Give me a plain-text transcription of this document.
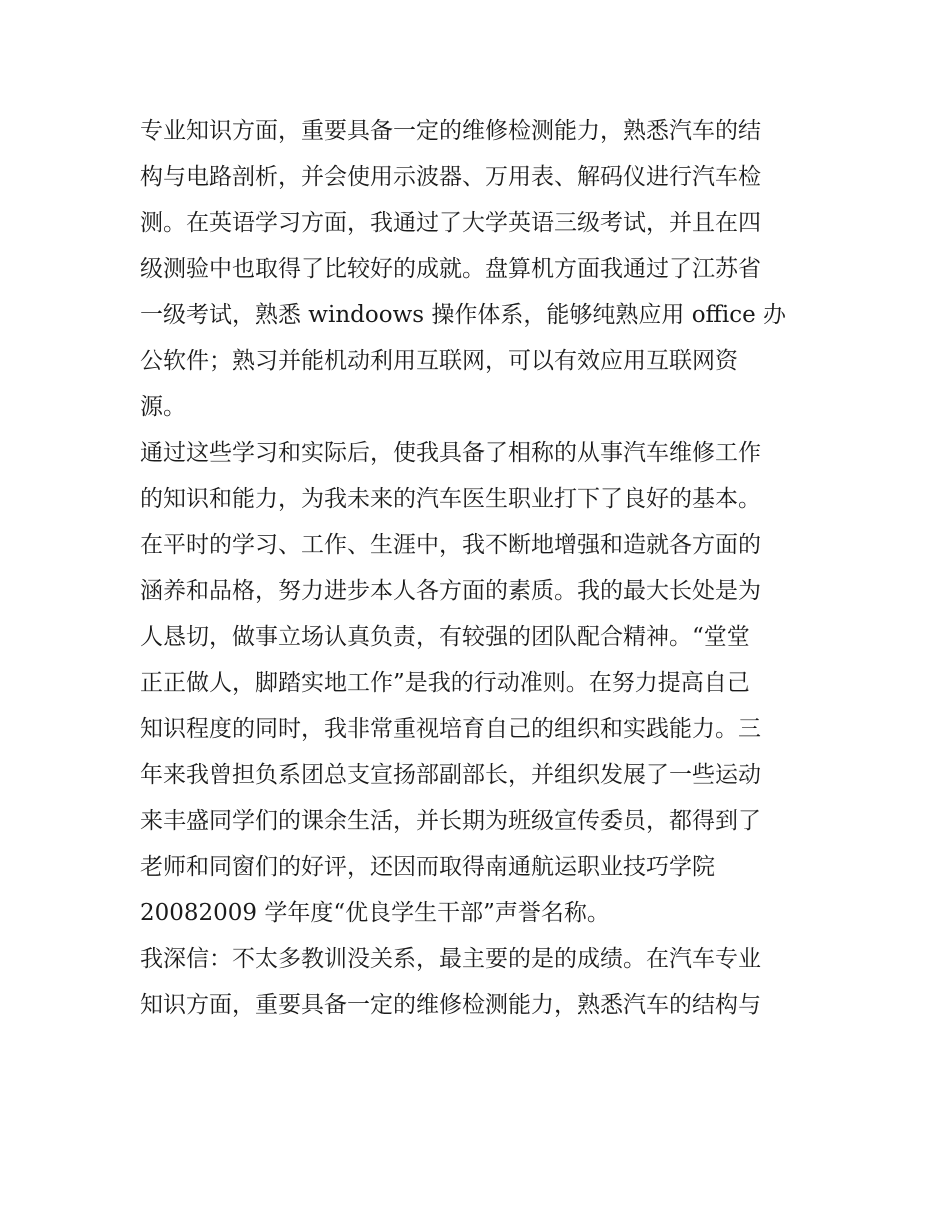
专业知识方面，重要具备一定的维修检测能力，熟悉汽车的结
构与电路剖析，并会使用示波器、万用表、解码仪进行汽车检
测。在英语学习方面，我通过了大学英语三级考试，并且在四
级测验中也取得了比较好的成就。盘算机方面我通过了江苏省
一级考试，熟悉 windoows 操作体系，能够纯熟应用 office 办
公软件；熟习并能机动利用互联网，可以有效应用互联网资
源。
通过这些学习和实际后，使我具备了相称的从事汽车维修工作
的知识和能力，为我未来的汽车医生职业打下了良好的基本。
在平时的学习、工作、生涯中，我不断地增强和造就各方面的
涵养和品格，努力进步本人各方面的素质。我的最大长处是为
人恳切，做事立场认真负责，有较强的团队配合精神。“堂堂
正正做人，脚踏实地工作”是我的行动准则。在努力提高自己
知识程度的同时，我非常重视培育自己的组织和实践能力。三
年来我曾担负系团总支宣扬部副部长，并组织发展了一些运动
来丰盛同学们的课余生活，并长期为班级宣传委员，都得到了
老师和同窗们的好评，还因而取得南通航运职业技巧学院
20082009 学年度“优良学生干部”声誉名称。
我深信：不太多教训没关系，最主要的是的成绩。在汽车专业
知识方面，重要具备一定的维修检测能力，熟悉汽车的结构与
